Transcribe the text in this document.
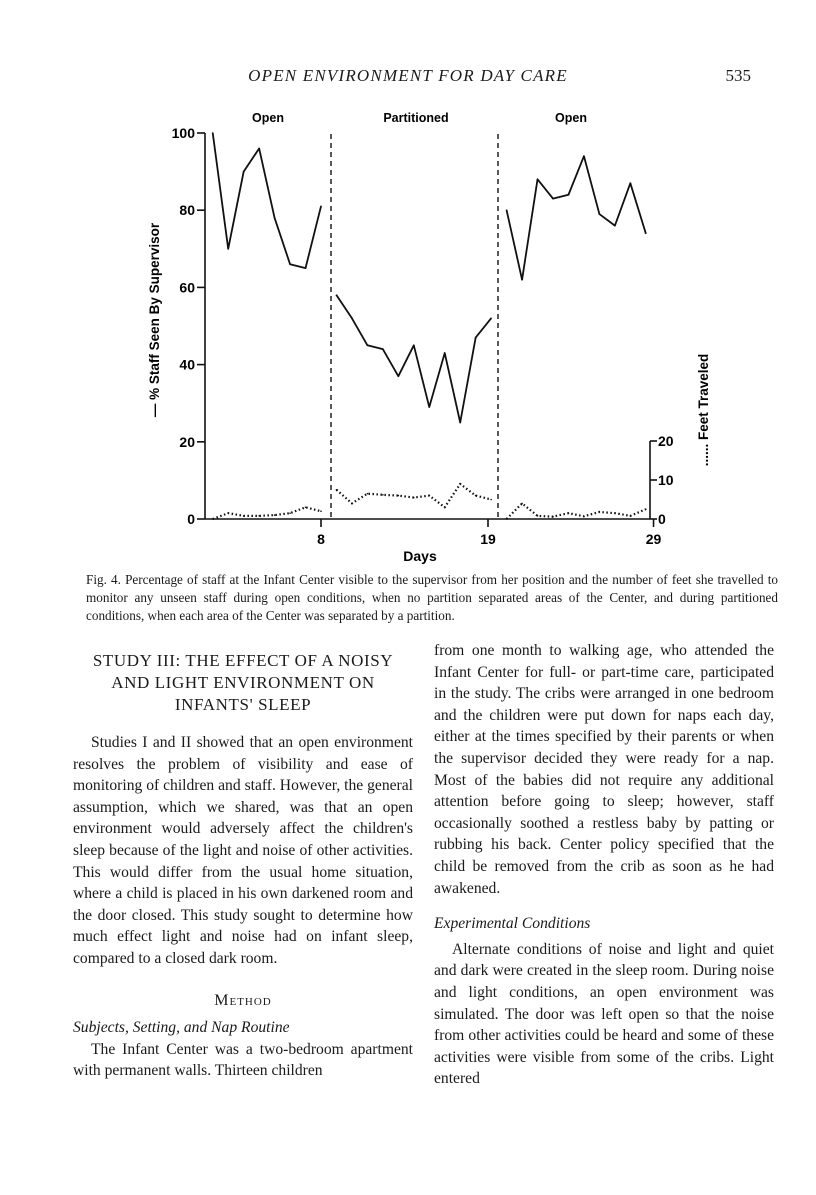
OPEN ENVIRONMENT FOR DAY CARE	535
Open	Partitioned	Open
0
20
40
60
80
100
8	19	29
Days
0
10
20
— % Staff Seen By Supervisor	...... Feet Traveled
Fig. 4. Percentage of staff at the Infant Center visible to the supervisor from her position and the number of feet she travelled to monitor any unseen staff during open conditions, when no partition separated areas of the Center, and during partitioned conditions, when each area of the Center was separated by a partition.
STUDY III: THE EFFECT OF A NOISY AND LIGHT ENVIRONMENT ON INFANTS' SLEEP

Studies I and II showed that an open environment resolves the problem of visibility and ease of monitoring of children and staff. However, the general assumption, which we shared, was that an open environment would adversely affect the children's sleep because of the light and noise of other activities. This would differ from the usual home situation, where a child is placed in his own darkened room and the door closed. This study sought to determine how much effect light and noise had on infant sleep, compared to a closed dark room.

Method

Subjects, Setting, and Nap Routine

The Infant Center was a two-bedroom apartment with permanent walls. Thirteen children

from one month to walking age, who attended the Infant Center for full- or part-time care, participated in the study. The cribs were arranged in one bedroom and the children were put down for naps each day, either at the times specified by their parents or when the supervisor decided they were ready for a nap. Most of the babies did not require any additional attention before going to sleep; however, staff occasionally soothed a restless baby by patting or rubbing his back. Center policy specified that the child be removed from the crib as soon as he had awakened.

Experimental Conditions

Alternate conditions of noise and light and quiet and dark were created in the sleep room. During noise and light conditions, an open environment was simulated. The door was left open so that the noise from other activities could be heard and some of these activities were visible from some of the cribs. Light entered
